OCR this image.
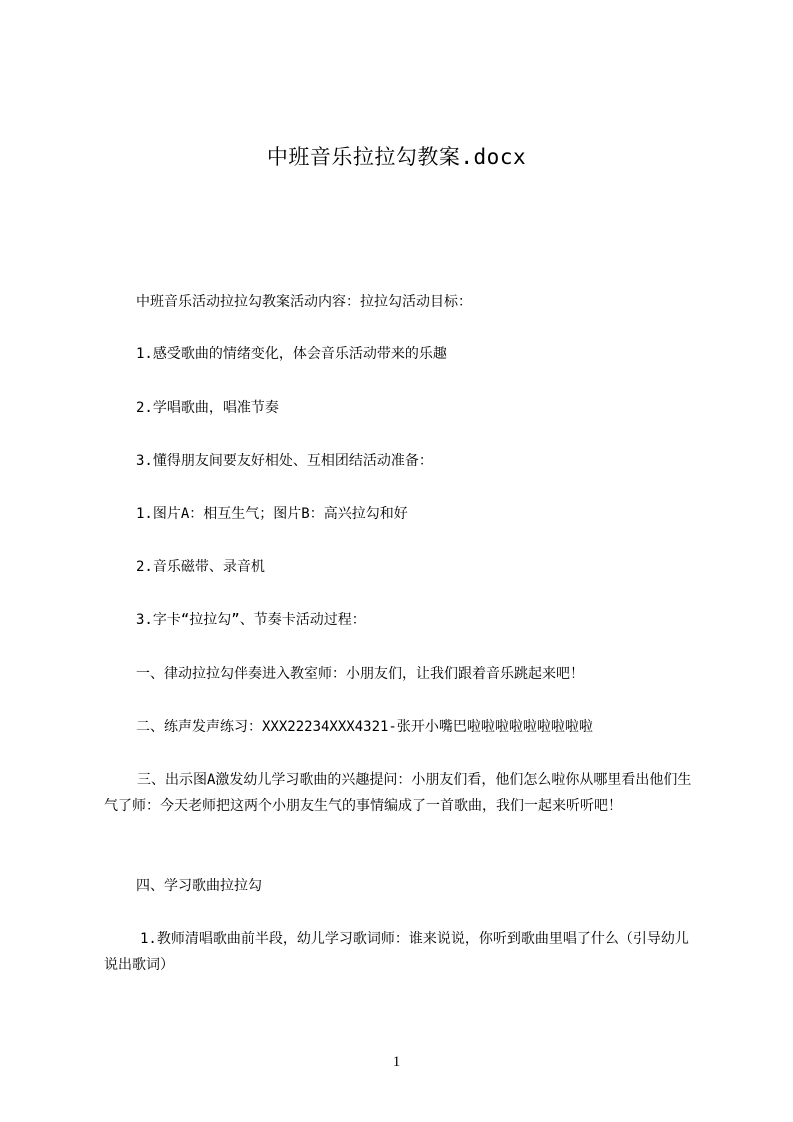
中班音乐拉拉勾教案.docx
中班音乐活动拉拉勾教案活动内容：拉拉勾活动目标：
1.感受歌曲的情绪变化，体会音乐活动带来的乐趣
2.学唱歌曲，唱准节奏
3.懂得朋友间要友好相处、互相团结活动准备：
1.图片A：相互生气；图片B：高兴拉勾和好
2.音乐磁带、录音机
3.字卡“拉拉勾”、节奏卡活动过程：
一、律动拉拉勾伴奏进入教室师：小朋友们，让我们跟着音乐跳起来吧！
二、练声发声练习：XXX22234XXX4321-张开小嘴巴啦啦啦啦啦啦啦啦啦
三、出示图A激发幼儿学习歌曲的兴趣提问：小朋友们看，他们怎么啦你从哪里看出他们生气了师：今天老师把这两个小朋友生气的事情编成了一首歌曲，我们一起来听听吧！
四、学习歌曲拉拉勾
1.教师清唱歌曲前半段，幼儿学习歌词师：谁来说说，你听到歌曲里唱了什么（引导幼儿说出歌词）
1
